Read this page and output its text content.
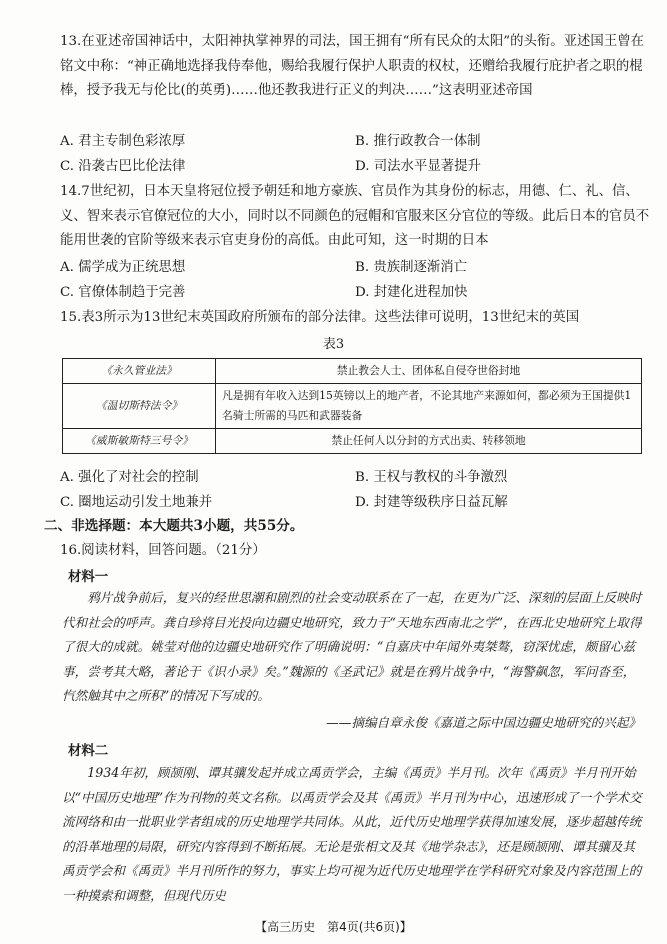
13.在亚述帝国神话中，太阳神执掌神界的司法，国王拥有“所有民众的太阳”的头衔。亚述国王曾在铭文中称：“神正确地选择我侍奉他，赐给我履行保护人职责的权杖，还赠给我履行庇护者之职的棍棒，授予我无与伦比(的英勇)……他还教我进行正义的判决……”这表明亚述帝国
A. 君主专制色彩浓厚	B. 推行政教合一体制
C. 沿袭古巴比伦法律	D. 司法水平显著提升
14.7世纪初，日本天皇将冠位授予朝廷和地方豪族、官员作为其身份的标志，用德、仁、礼、信、义、智来表示官僚冠位的大小，同时以不同颜色的冠帽和官服来区分官位的等级。此后日本的官员不能用世袭的官阶等级来表示官吏身份的高低。由此可知，这一时期的日本
A. 儒学成为正统思想	B. 贵族制逐渐消亡
C. 官僚体制趋于完善	D. 封建化进程加快
15.表3所示为13世纪末英国政府所颁布的部分法律。这些法律可说明，13世纪末的英国
表3
《永久管业法》	禁止教会人士、团体私自侵夺世俗封地
《温切斯特法令》	凡是拥有年收入达到15英镑以上的地产者，不论其地产来源如何，都必须为王国提供1名骑士所需的马匹和武器装备
《威斯敏斯特三号令》	禁止任何人以分封的方式出卖、转移领地
A. 强化了对社会的控制	B. 王权与教权的斗争激烈
C. 圈地运动引发土地兼并	D. 封建等级秩序日益瓦解
二、非选择题：本大题共3小题，共55分。
16.阅读材料，回答问题。（21分）
材料一
鸦片战争前后，复兴的经世思潮和剧烈的社会变动联系在了一起，在更为广泛、深刻的层面上反映时代和社会的呼声。龚自珍将目光投向边疆史地研究，致力于“天地东西南北之学”，在西北史地研究上取得了很大的成就。姚莹对他的边疆史地研究作了明确说明：“自嘉庆中年闻外夷桀骜，窃深忧虑，颇留心兹事，尝考其大略，著论于《识小录》矣。”魏源的《圣武记》就是在鸦片战争中，“海警飙忽，军问沓至，忾然触其中之所积”的情况下写成的。
——摘编自章永俊《嘉道之际中国边疆史地研究的兴起》
材料二
1934年初，顾颉刚、谭其骧发起并成立禹贡学会，主编《禹贡》半月刊。次年《禹贡》半月刊开始以“中国历史地理”作为刊物的英文名称。以禹贡学会及其《禹贡》半月刊为中心，迅速形成了一个学术交流网络和由一批职业学者组成的历史地理学共同体。从此，近代历史地理学获得加速发展，逐步超越传统的沿革地理的局限，研究内容得到不断拓展。无论是张相文及其《地学杂志》，还是顾颉刚、谭其骧及其禹贡学会和《禹贡》半月刊所作的努力，事实上均可视为近代历史地理学在学科研究对象及内容范围上的一种摸索和调整，但现代历史
【高三历史　第4页(共6页)】
